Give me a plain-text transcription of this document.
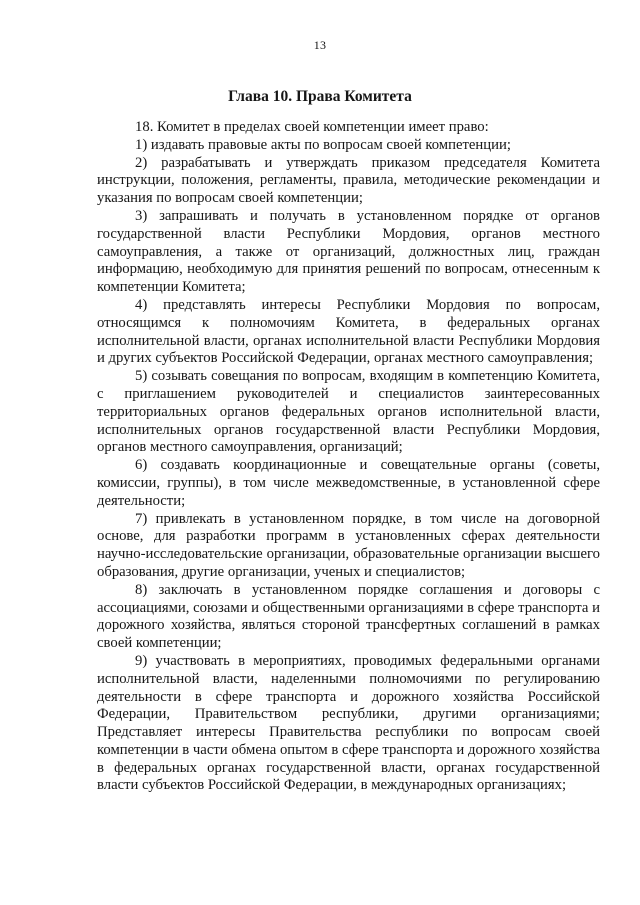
13
Глава 10. Права Комитета

18. Комитет в пределах своей компетенции имеет право:

1) издавать правовые акты по вопросам своей компетенции;

2) разрабатывать и утверждать приказом председателя Комитета инструкции, положения, регламенты, правила, методические рекомендации и указания по вопросам своей компетенции;

3) запрашивать и получать в установленном порядке от органов государственной власти Республики Мордовия, органов местного самоуправления, а также от организаций, должностных лиц, граждан информацию, необходимую для принятия решений по вопросам, отнесенным к компетенции Комитета;

4) представлять интересы Республики Мордовия по вопросам, относящимся к полномочиям Комитета, в федеральных органах исполнительной власти, органах исполнительной власти Республики Мордовия и других субъектов Российской Федерации, органах местного самоуправления;

5) созывать совещания по вопросам, входящим в компетенцию Комитета, с приглашением руководителей и специалистов заинтересованных территориальных органов федеральных органов исполнительной власти, исполнительных органов государственной власти Республики Мордовия, органов местного самоуправления, организаций;

6) создавать координационные и совещательные органы (советы, комиссии, группы), в том числе межведомственные, в установленной сфере деятельности;

7) привлекать в установленном порядке, в том числе на договорной основе, для разработки программ в установленных сферах деятельности научно-исследовательские организации, образовательные организации высшего образования, другие организации, ученых и специалистов;

8) заключать в установленном порядке соглашения и договоры с ассоциациями, союзами и общественными организациями в сфере транспорта и дорожного хозяйства, являться стороной трансфертных соглашений в рамках своей компетенции;

9) участвовать в мероприятиях, проводимых федеральными органами исполнительной власти, наделенными полномочиями по регулированию деятельности в сфере транспорта и дорожного хозяйства Российской Федерации, Правительством республики, другими организациями; Представляет интересы Правительства республики по вопросам своей компетенции в части обмена опытом в сфере транспорта и дорожного хозяйства в федеральных органах государственной власти, органах государственной власти субъектов Российской Федерации, в международных организациях;
